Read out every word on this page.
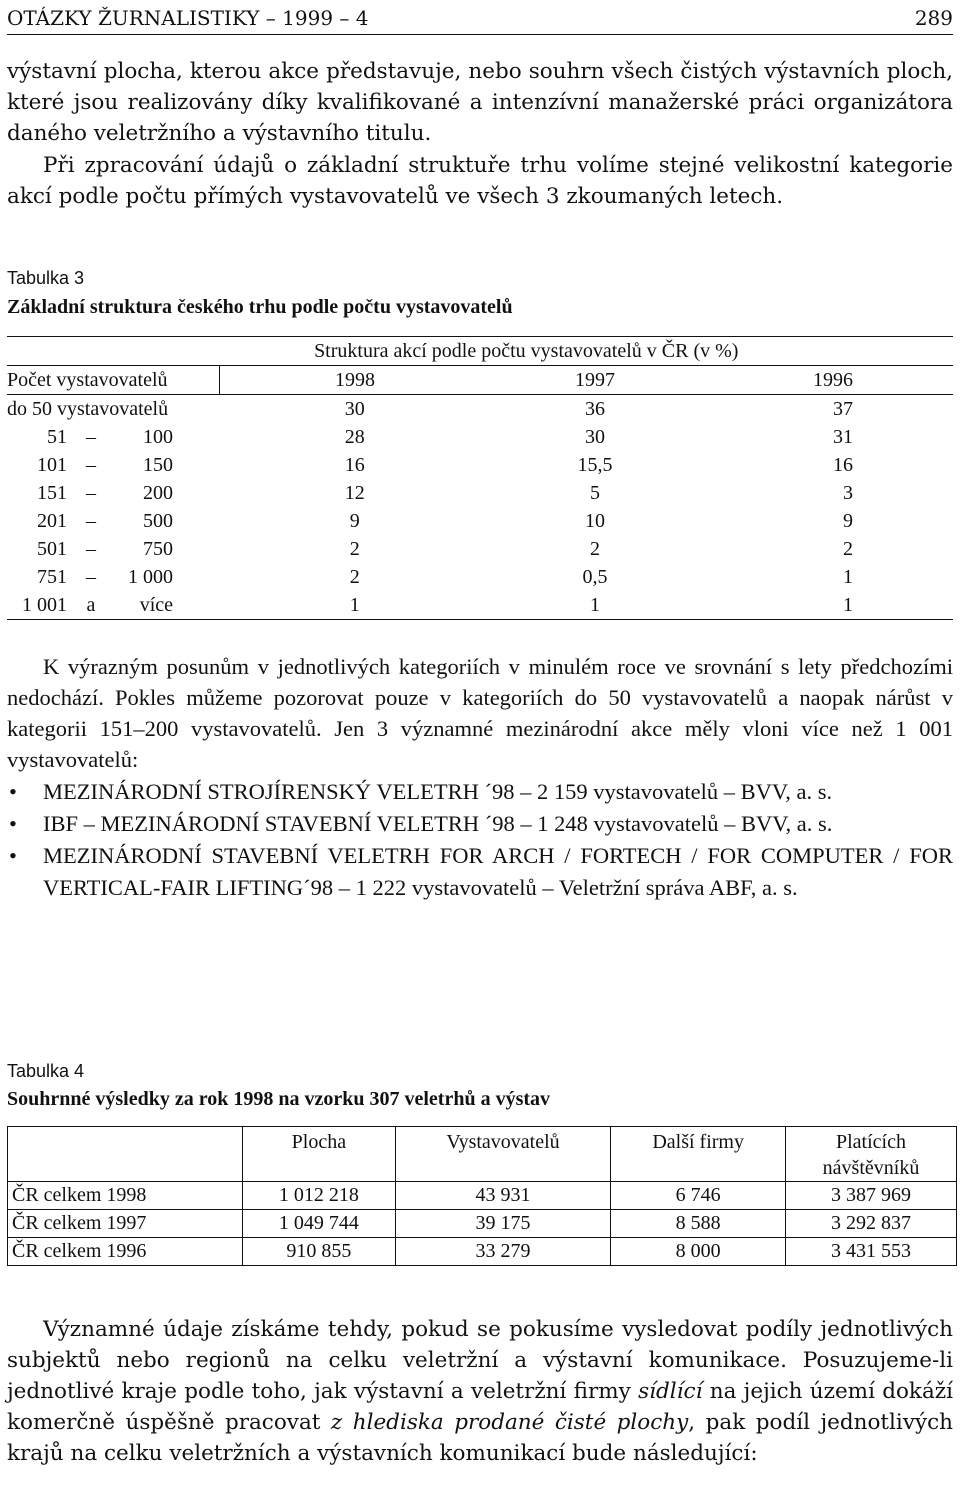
OTÁZKY ŽURNALISTIKY – 1999 – 4	289

výstavní plocha, kterou akce představuje, nebo souhrn všech čistých výstavních ploch, které jsou realizovány díky kvalifikované a intenzívní manažerské práci organizátora daného veletržního a výstavního titulu.

Při zpracování údajů o základní struktuře trhu volíme stejné velikostní kategorie akcí podle počtu přímých vystavovatelů ve všech 3 zkoumaných letech.

Tabulka 3
Základní struktura českého trhu podle počtu vystavovatelů
	Struktura akcí podle počtu vystavovatelů v ČR (v %)		
Počet vystavovatelů	1998	1997	1996
do 50 vystavovatelů	30	36	37
51 – 100	28	30	31
101 – 150	16	15,5	16
151 – 200	12	5	3
201 – 500	9	10	9
501 – 750	2	2	2
751 – 1 000	2	0,5	1
1 001 a více	1	1	1

K výrazným posunům v jednotlivých kategoriích v minulém roce ve srovnání s lety předchozími nedochází. Pokles můžeme pozorovat pouze v kategoriích do 50 vystavovatelů a naopak nárůst v kategorii 151–200 vystavovatelů. Jen 3 významné mezinárodní akce měly vloni více než 1 001 vystavovatelů:

• MEZINÁRODNÍ STROJÍRENSKÝ VELETRH ´98 – 2 159 vystavovatelů – BVV, a. s.
• IBF – MEZINÁRODNÍ STAVEBNÍ VELETRH ´98 – 1 248 vystavovatelů – BVV, a. s.
• MEZINÁRODNÍ STAVEBNÍ VELETRH FOR ARCH / FORTECH / FOR COMPUTER / FOR VERTICAL-FAIR LIFTING´98 – 1 222 vystavovatelů – Veletržní správa ABF, a. s.
Tabulka 4
Souhrnné výsledky za rok 1998 na vzorku 307 veletrhů a výstav
	Plocha	Vystavovatelů	Další firmy	Platících návštěvníků
ČR celkem 1998	1 012 218	43 931	6 746	3 387 969
ČR celkem 1997	1 049 744	39 175	8 588	3 292 837
ČR celkem 1996	910 855	33 279	8 000	3 431 553

Významné údaje získáme tehdy, pokud se pokusíme vysledovat podíly jednotlivých subjektů nebo regionů na celku veletržní a výstavní komunikace. Posuzujeme-li jednotlivé kraje podle toho, jak výstavní a veletržní firmy sídlící na jejich území dokáží komerčně úspěšně pracovat z hlediska prodané čisté plochy, pak podíl jednotlivých krajů na celku veletržních a výstavních komunikací bude následující:
